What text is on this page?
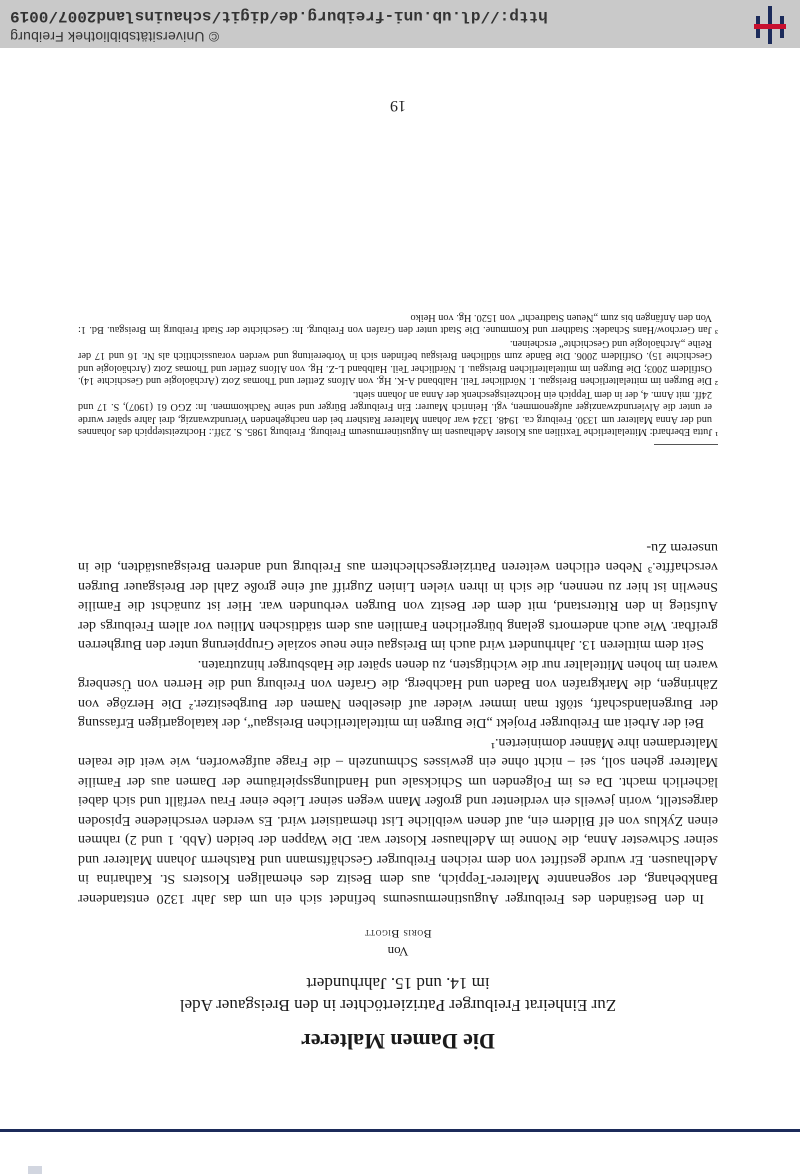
Die Damen Malterer
Zur Einheirat Freiburger Patriziertöchter in den Breisgauer Adel
im 14. und 15. Jahrhundert
Von
Boris Bigott

In den Beständen des Freiburger Augustinermuseums befindet sich ein um das Jahr 1320 entstandener Bankbehang, der sogenannte Malterer-Teppich, aus dem Besitz des ehemaligen Klosters St. Katharina in Adelhausen. Er wurde gestiftet von dem reichen Freiburger Geschäftsmann und Ratsherrn Johann Malterer und seiner Schwester Anna, die Nonne im Adelhauser Kloster war. Die Wappen der beiden (Abb. 1 und 2) rahmen einen Zyklus von elf Bildern ein, auf denen weibliche List thematisiert wird. Es werden verschiedene Episoden dargestellt, worin jeweils ein verdienter und großer Mann wegen seiner Liebe einer Frau verfällt und sich dabei lächerlich macht. Da es im Folgenden um Schicksale und Handlungsspielräume der Damen aus der Familie Malterer gehen soll, sei – nicht ohne ein gewisses Schmunzeln – die Frage aufgeworfen, wie weit die realen Malterdamen ihre Männer dominierten.¹

Bei der Arbeit am Freiburger Projekt „Die Burgen im mittelalterlichen Breisgau“, der katalogartigen Erfassung der Burgenlandschaft, stößt man immer wieder auf dieselben Namen der Burgbesitzer.² Die Herzöge von Zähringen, die Markgrafen von Baden und Hachberg, die Grafen von Freiburg und die Herren von Üsenberg waren im hohen Mittelalter nur die wichtigsten, zu denen später die Habsburger hinzutraten.

Seit dem mittleren 13. Jahrhundert wird auch im Breisgau eine neue soziale Gruppierung unter den Burgherren greifbar. Wie auch andernorts gelang bürgerlichen Familien aus dem städtischen Milieu vor allem Freiburgs der Aufstieg in den Ritterstand, mit dem der Besitz von Burgen verbunden war. Hier ist zunächst die Familie Snewlin ist hier zu nennen, die sich in ihren vielen Linien Zugriff auf eine große Zahl der Breisgauer Burgen verschaffte.³ Neben etlichen weiteren Patriziergeschlechtern aus Freiburg und anderen Breisgaustädten, die in unserem Zu-

¹ Jutta Eberhard: Mittelalterliche Textilien aus Kloster Adelhausen im Augustinermuseum Freiburg. Freiburg 1985. S. 23ff.: Hochzeitsteppich des Johannes und der Anna Malterer um 1330. Freiburg ca. 1948. 1324 war Johann Malterer Ratsherr bei den nachgehenden Vierundzwanzig, drei Jahre später wurde er unter die Alvierundzwanziger aufgenommen, vgl. Heinrich Maurer: Ein Freiburger Bürger und seine Nachkommen. In: ZGO 61 (1907), S. 17 und 24ff. mit Anm. 4, der in dem Teppich ein Hochzeitsgeschenk der Anna an Johann sieht.

² Die Burgen im mittelalterlichen Breisgau. I. Nördlicher Teil. Halbband A-K. Hg. von Alfons Zettler und Thomas Zotz (Archäologie und Geschichte 14). Ostfildern 2003; Die Burgen im mittelalterlichen Breisgau. I. Nördlicher Teil. Halbband L-Z. Hg. von Alfons Zettler und Thomas Zotz (Archäologie und Geschichte 15). Ostfildern 2006. Die Bände zum südlichen Breisgau befinden sich in Vorbereitung und werden voraussichtlich als Nr. 16 und 17 der Reihe „Archäologie und Geschichte“ erscheinen.

³ Jan Gerchow/Hans Schadek: Stadtherr und Kommune. Die Stadt unter den Grafen von Freiburg. In: Geschichte der Stadt Freiburg im Breisgau. Bd. 1: Von den Anfängen bis zum „Neuen Stadtrecht“ von 1520. Hg. von Heiko

19
© Universitätsbibliothek Freiburg
http://dl.ub.uni-freiburg.de/digit/schauinsland2007/0019
